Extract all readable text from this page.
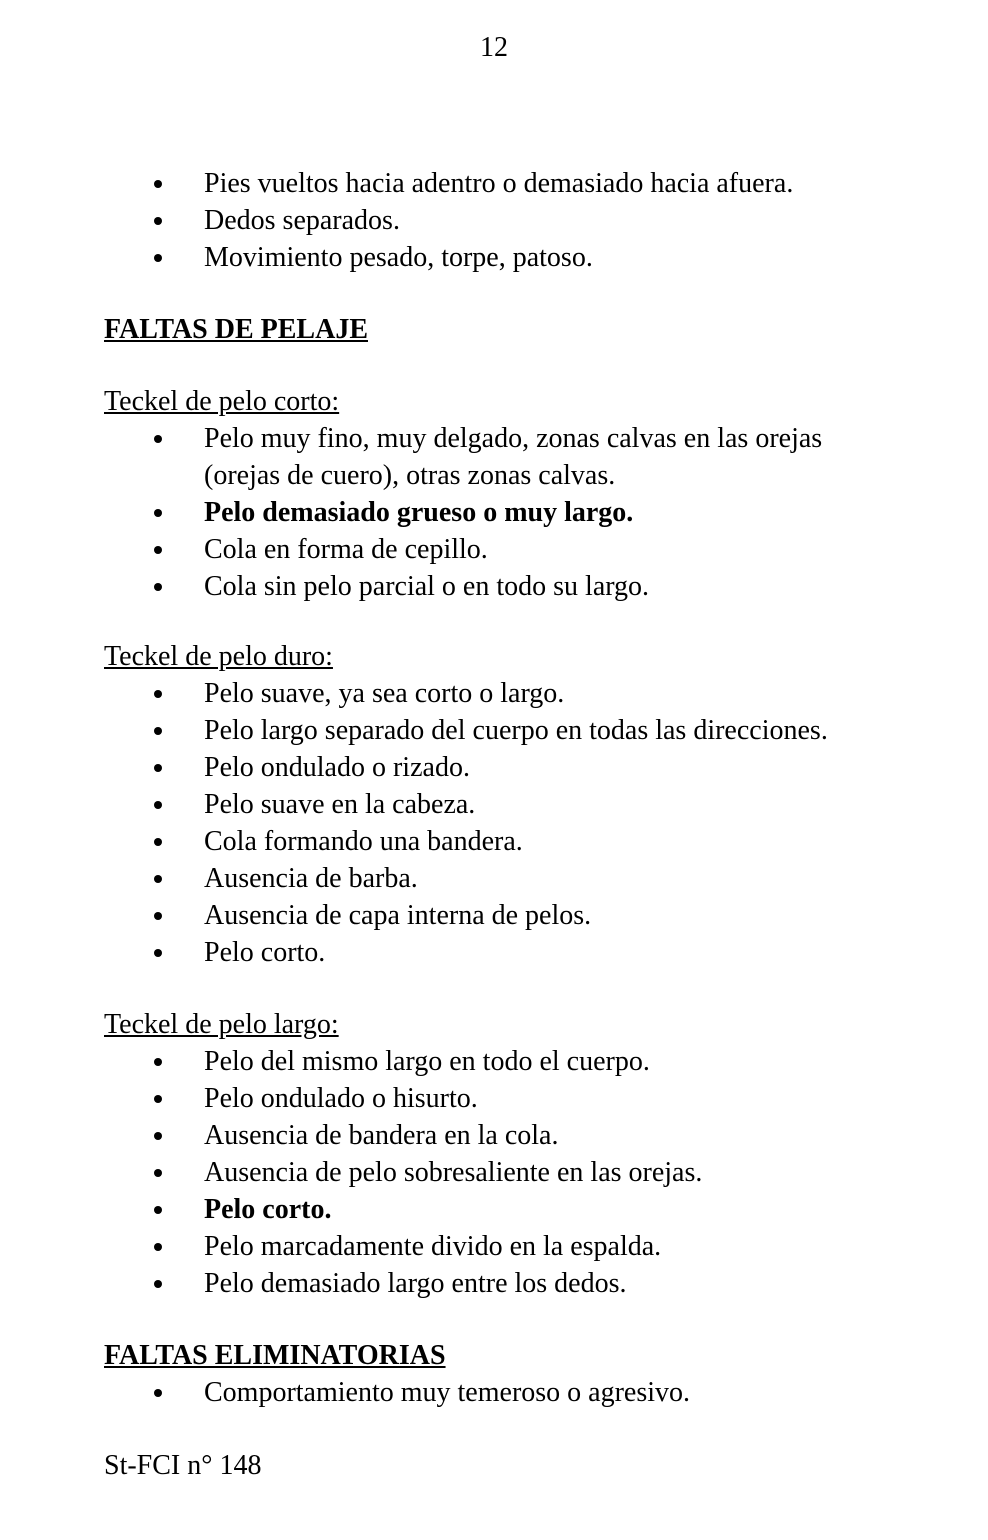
12
Pies vueltos hacia adentro o demasiado hacia afuera.
Dedos separados.
Movimiento pesado, torpe, patoso.

FALTAS DE PELAJE

Teckel de pelo corto:

Pelo muy fino, muy delgado, zonas calvas en las orejas (orejas de cuero), otras zonas calvas.
Pelo demasiado grueso o muy largo.
Cola en forma de cepillo.
Cola sin pelo parcial o en todo su largo.

Teckel de pelo duro:

Pelo suave, ya sea corto o largo.
Pelo largo separado del cuerpo en todas las direcciones.
Pelo ondulado o rizado.
Pelo suave en la cabeza.
Cola formando una bandera.
Ausencia de barba.
Ausencia de capa interna de pelos.
Pelo corto.

Teckel de pelo largo:

Pelo del mismo largo en todo el cuerpo.
Pelo ondulado o hisurto.
Ausencia de bandera en la cola.
Ausencia de pelo sobresaliente en las orejas.
Pelo corto.
Pelo marcadamente divido en la espalda.
Pelo demasiado largo entre los dedos.

FALTAS ELIMINATORIAS

Comportamiento muy temeroso o agresivo.
St-FCI n° 148
